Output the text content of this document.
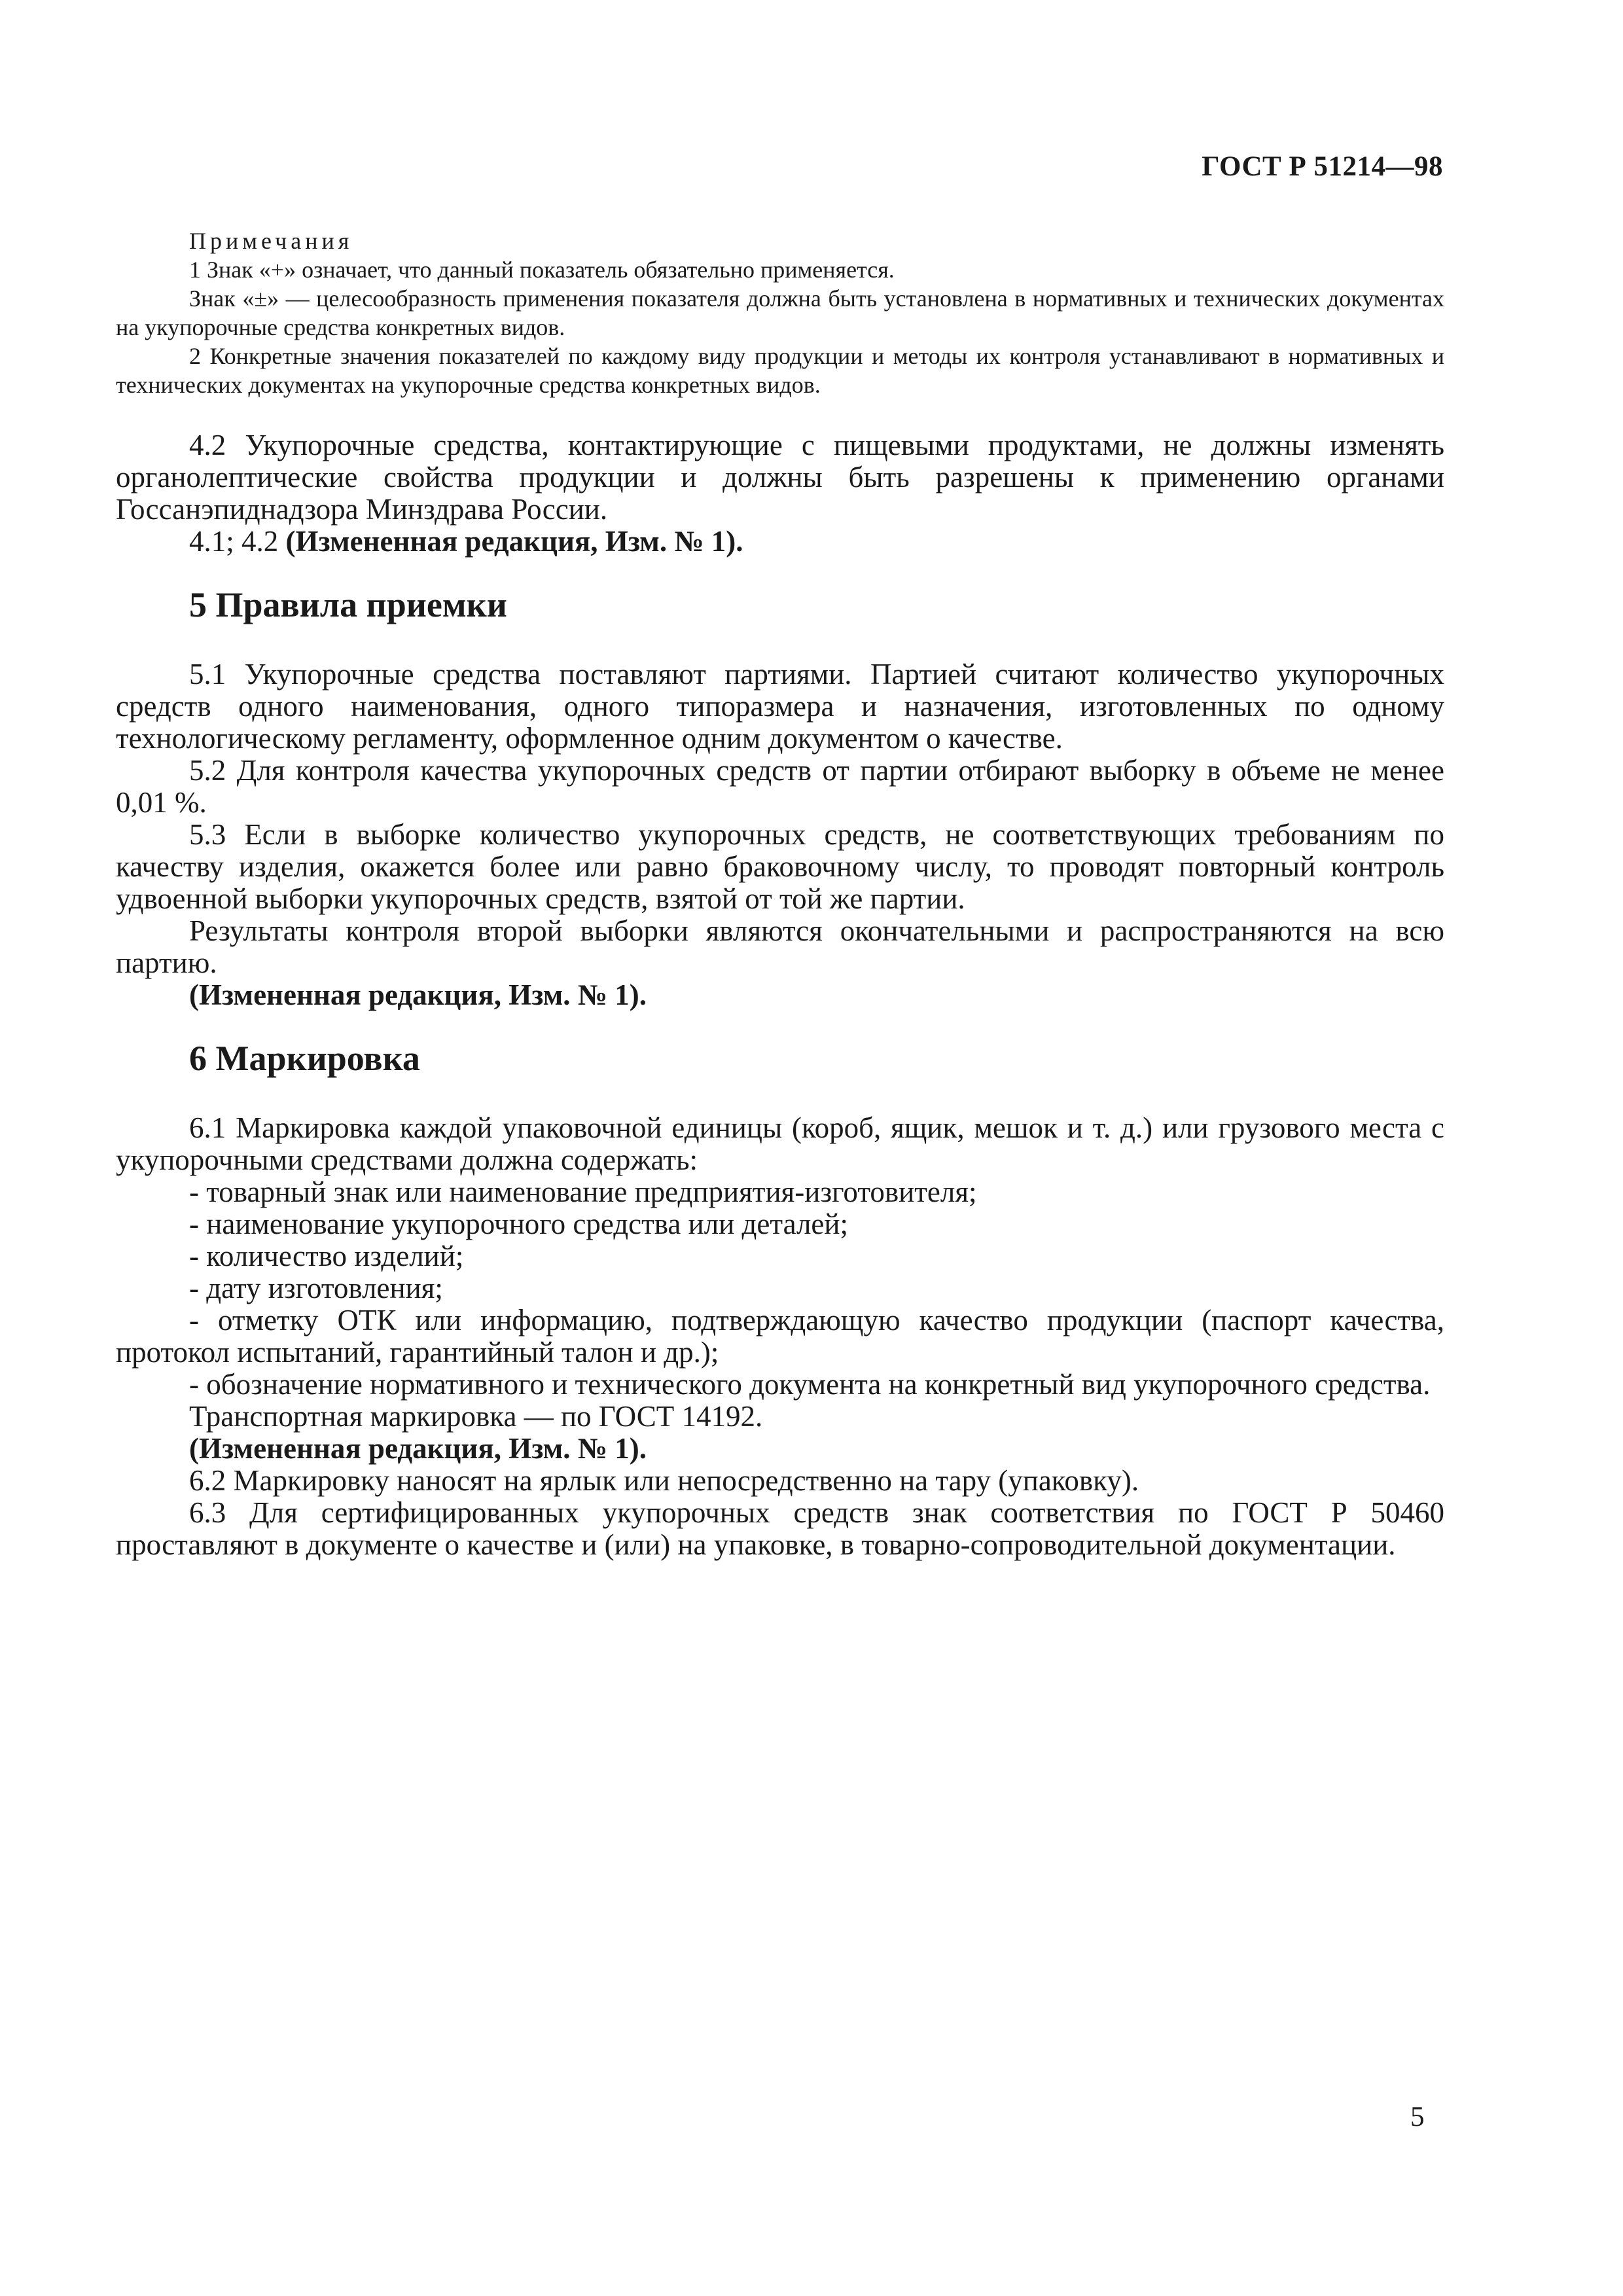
ГОСТ Р 51214—98

Примечания

1 Знак «+» означает, что данный показатель обязательно применяется.

Знак «±» — целесообразность применения показателя должна быть установлена в нормативных и технических документах на укупорочные средства конкретных видов.

2 Конкретные значения показателей по каждому виду продукции и методы их контроля устанавливают в нормативных и технических документах на укупорочные средства конкретных видов.

4.2 Укупорочные средства, контактирующие с пищевыми продуктами, не должны изменять органолептические свойства продукции и должны быть разрешены к применению органами Госсанэпиднадзора Минздрава России.

4.1; 4.2 (Измененная редакция, Изм. № 1).

5 Правила приемки

5.1 Укупорочные средства поставляют партиями. Партией считают количество укупорочных средств одного наименования, одного типоразмера и назначения, изготовленных по одному технологическому регламенту, оформленное одним документом о качестве.

5.2 Для контроля качества укупорочных средств от партии отбирают выборку в объеме не менее 0,01 %.

5.3 Если в выборке количество укупорочных средств, не соответствующих требованиям по качеству изделия, окажется более или равно браковочному числу, то проводят повторный контроль удвоенной выборки укупорочных средств, взятой от той же партии.

Результаты контроля второй выборки являются окончательными и распространяются на всю партию.

(Измененная редакция, Изм. № 1).

6 Маркировка

6.1 Маркировка каждой упаковочной единицы (короб, ящик, мешок и т. д.) или грузового места с укупорочными средствами должна содержать:

- товарный знак или наименование предприятия-изготовителя;

- наименование укупорочного средства или деталей;

- количество изделий;

- дату изготовления;

- отметку ОТК или информацию, подтверждающую качество продукции (паспорт качества, протокол испытаний, гарантийный талон и др.);

- обозначение нормативного и технического документа на конкретный вид укупорочного средства.

Транспортная маркировка — по ГОСТ 14192.

(Измененная редакция, Изм. № 1).

6.2 Маркировку наносят на ярлык или непосредственно на тару (упаковку).

6.3 Для сертифицированных укупорочных средств знак соответствия по ГОСТ Р 50460 проставляют в документе о качестве и (или) на упаковке, в товарно-сопроводительной документации.

5
